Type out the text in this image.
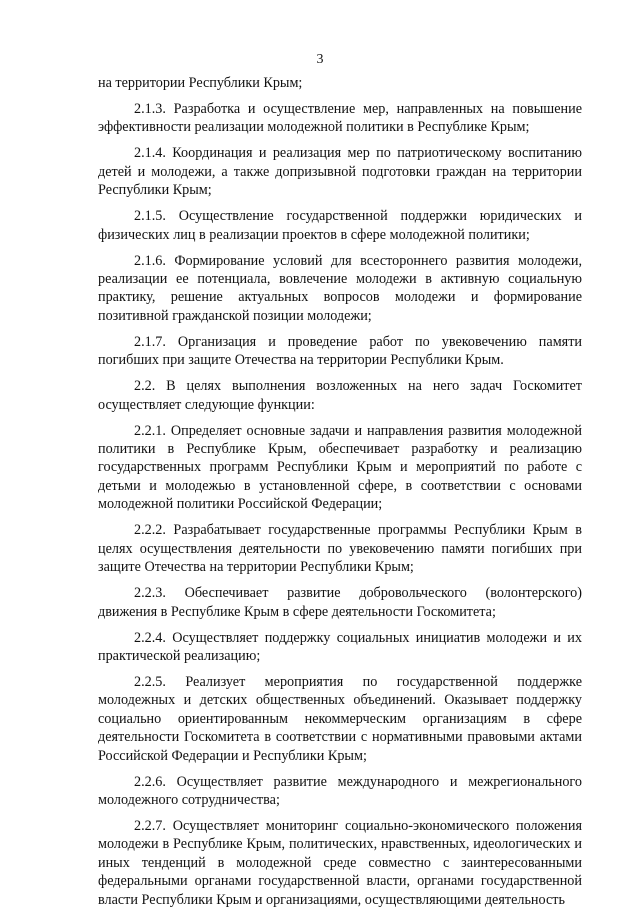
3

на территории Республики Крым;

2.1.3. Разработка и осуществление мер, направленных на повышение эффективности реализации молодежной политики в Республике Крым;

2.1.4. Координация и реализация мер по патриотическому воспитанию детей и молодежи, а также допризывной подготовки граждан на территории Республики Крым;

2.1.5. Осуществление государственной поддержки юридических и физических лиц в реализации проектов в сфере молодежной политики;

2.1.6. Формирование условий для всестороннего развития молодежи, реализации ее потенциала, вовлечение молодежи в активную социальную практику, решение актуальных вопросов молодежи и формирование позитивной гражданской позиции молодежи;

2.1.7. Организация и проведение работ по увековечению памяти погибших при защите Отечества на территории Республики Крым.

2.2. В целях выполнения возложенных на него задач Госкомитет осуществляет следующие функции:

2.2.1. Определяет основные задачи и направления развития молодежной политики в Республике Крым, обеспечивает разработку и реализацию государственных программ Республики Крым и мероприятий по работе с детьми и молодежью в установленной сфере, в соответствии с основами молодежной политики Российской Федерации;

2.2.2. Разрабатывает государственные программы Республики Крым в целях осуществления деятельности по увековечению памяти погибших при защите Отечества на территории Республики Крым;

2.2.3. Обеспечивает развитие добровольческого (волонтерского) движения в Республике Крым в сфере деятельности Госкомитета;

2.2.4. Осуществляет поддержку социальных инициатив молодежи и их практической реализацию;

2.2.5. Реализует мероприятия по государственной поддержке молодежных и детских общественных объединений. Оказывает поддержку социально ориентированным некоммерческим организациям в сфере деятельности Госкомитета в соответствии с нормативными правовыми актами Российской Федерации и Республики Крым;

2.2.6. Осуществляет развитие международного и межрегионального молодежного сотрудничества;

2.2.7. Осуществляет мониторинг социально-экономического положения молодежи в Республике Крым, политических, нравственных, идеологических и иных тенденций в молодежной среде совместно с заинтересованными федеральными органами государственной власти, органами государственной власти Республики Крым и организациями, осуществляющими деятельность
